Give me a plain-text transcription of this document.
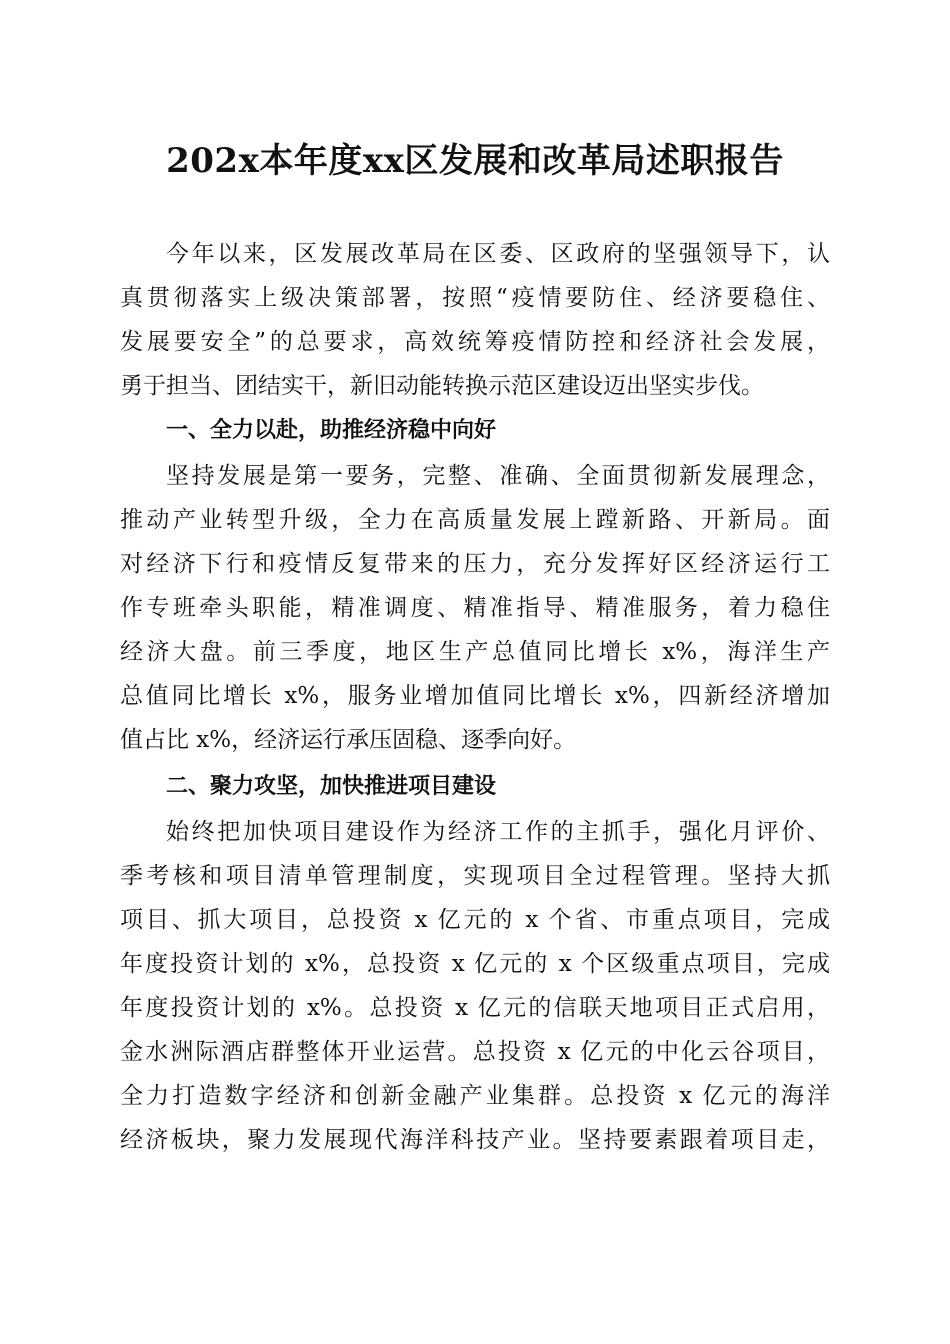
202x本年度xx区发展和改革局述职报告
今年以来，区发展改革局在区委、区政府的坚强领导下，认
真贯彻落实上级决策部署，按照“疫情要防住、经济要稳住、
发展要安全”的总要求，高效统筹疫情防控和经济社会发展，
勇于担当、团结实干，新旧动能转换示范区建设迈出坚实步伐。
一、全力以赴，助推经济稳中向好
坚持发展是第一要务，完整、准确、全面贯彻新发展理念，
推动产业转型升级，全力在高质量发展上蹚新路、开新局。面
对经济下行和疫情反复带来的压力，充分发挥好区经济运行工
作专班牵头职能，精准调度、精准指导、精准服务，着力稳住
经济大盘。前三季度，地区生产总值同比增长 x%，海洋生产
总值同比增长 x%，服务业增加值同比增长 x%，四新经济增加
值占比 x%，经济运行承压固稳、逐季向好。
二、聚力攻坚，加快推进项目建设
始终把加快项目建设作为经济工作的主抓手，强化月评价、
季考核和项目清单管理制度，实现项目全过程管理。坚持大抓
项目、抓大项目，总投资 x 亿元的 x 个省、市重点项目，完成
年度投资计划的 x%，总投资 x 亿元的 x 个区级重点项目，完成
年度投资计划的 x%。总投资 x 亿元的信联天地项目正式启用，
金水洲际酒店群整体开业运营。总投资 x 亿元的中化云谷项目，
全力打造数字经济和创新金融产业集群。总投资 x 亿元的海洋
经济板块，聚力发展现代海洋科技产业。坚持要素跟着项目走，
